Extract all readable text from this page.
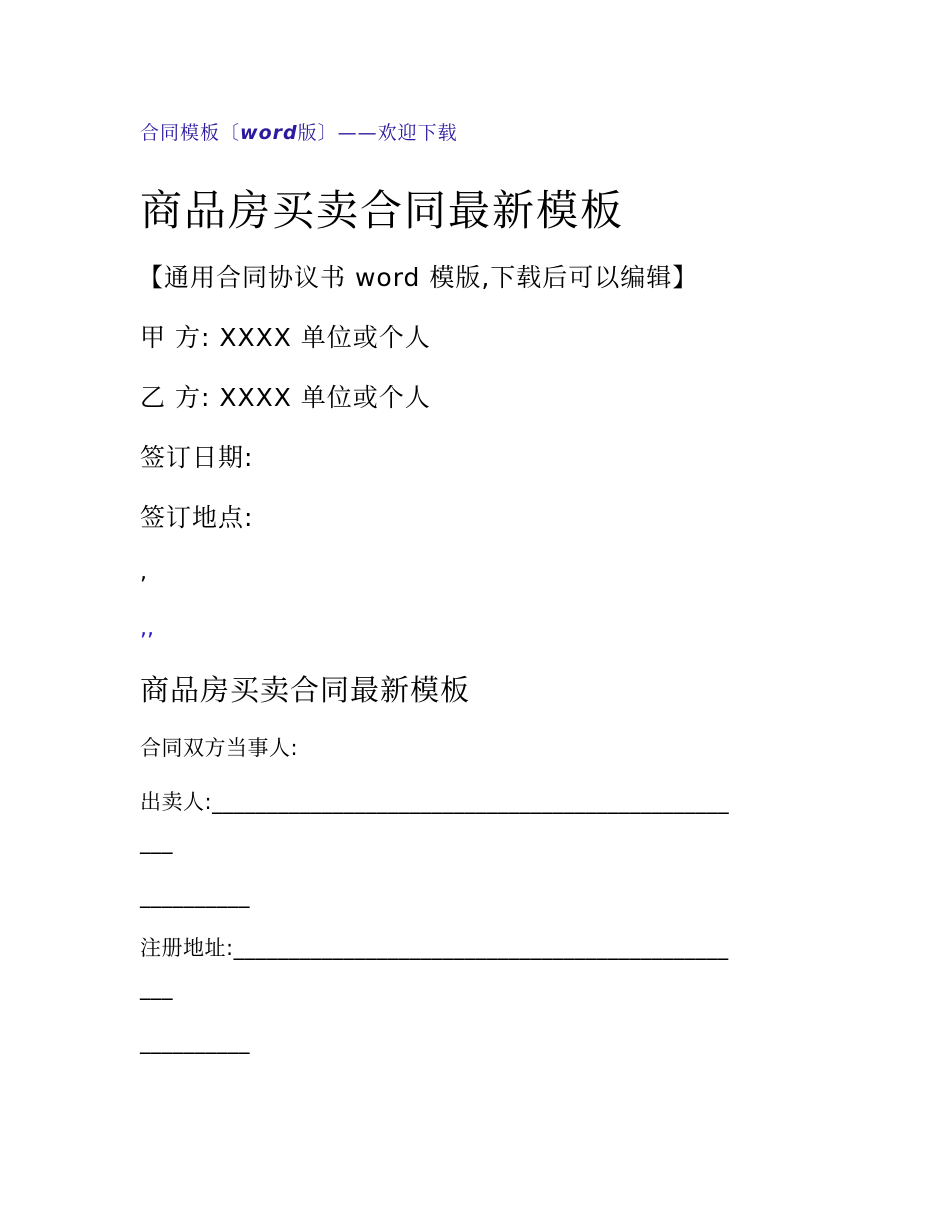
合同模板〔word版〕——欢迎下载
商品房买卖合同最新模板
【通用合同协议书 word 模版,下载后可以编辑】
甲 方: XXXX 单位或个人
乙 方: XXXX 单位或个人
签订日期:
签订地点:
,
,,
商品房买卖合同最新模板
合同双方当事人:
出卖人:_______________________________________________
___
__________
注册地址:_____________________________________________
___
__________
